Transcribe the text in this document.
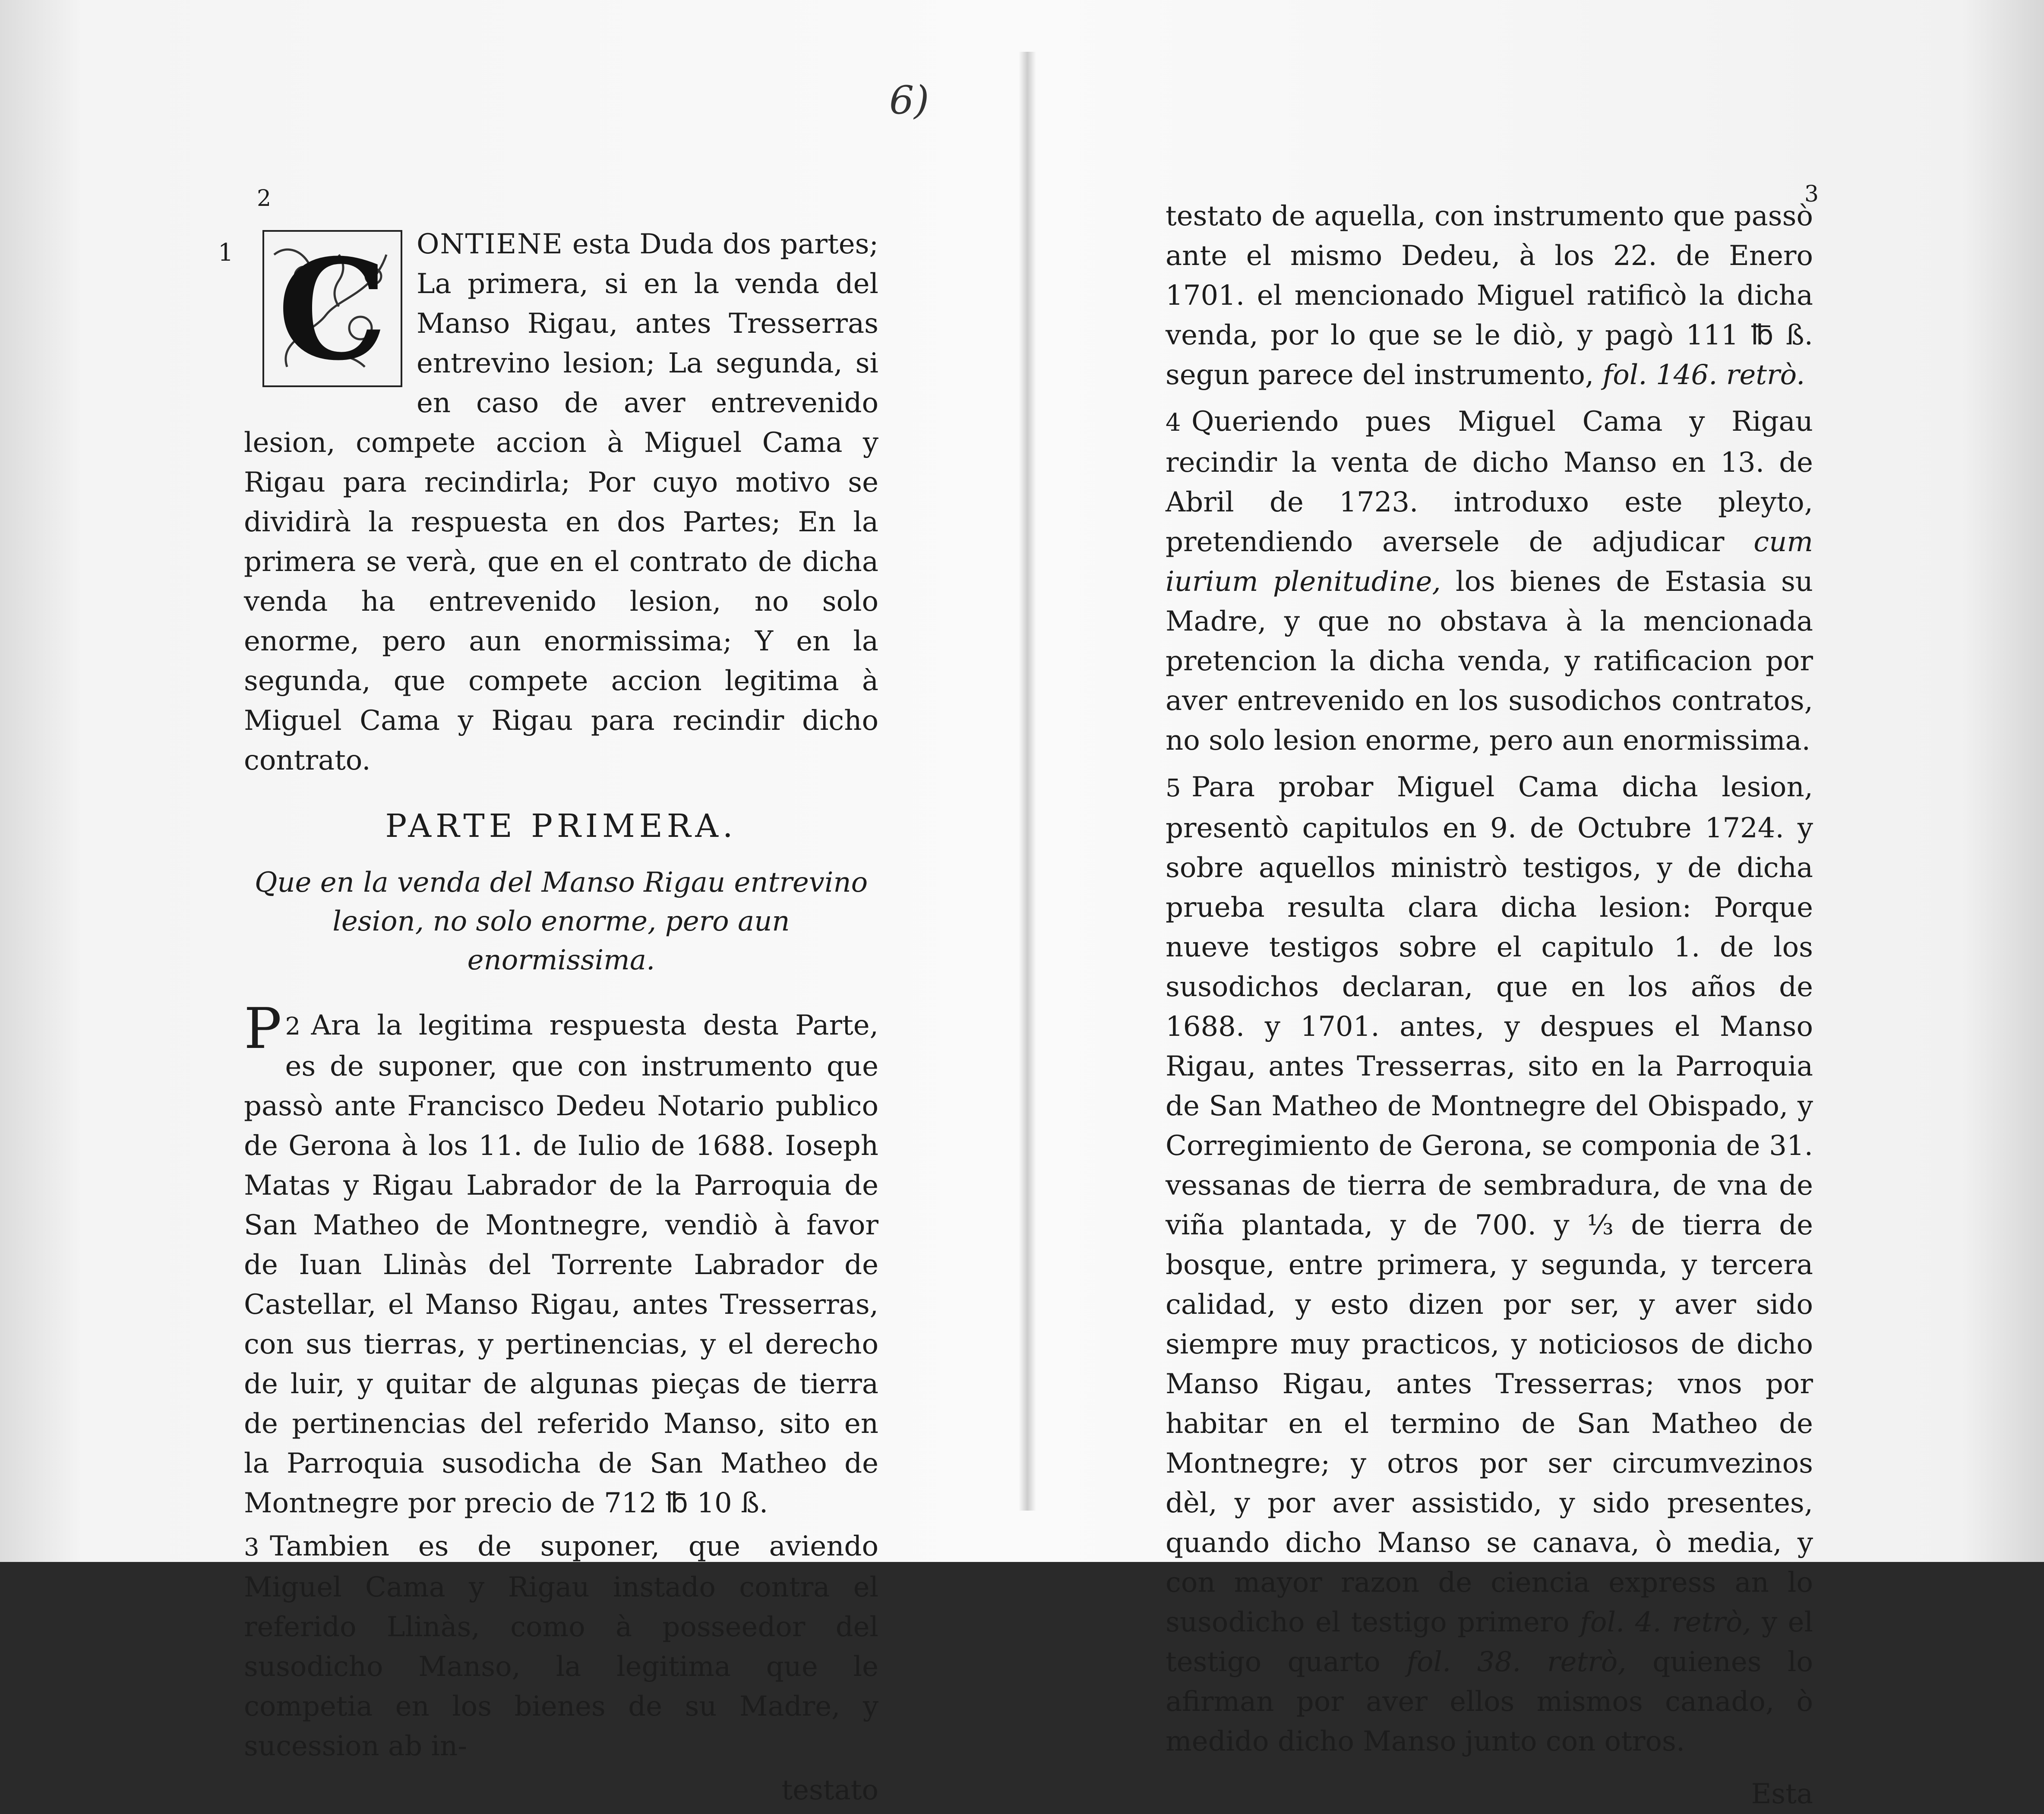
6)
2
1 C ONTIENE esta Duda dos partes; La primera, si en la venda del Manso Rigau, antes Tresserras entrevino lesion; La segunda, si en caso de aver entrevenido lesion, compete accion à Miguel Cama y Rigau para recindirla; Por cuyo motivo se dividirà la respuesta en dos Partes; En la primera se verà, que en el contrato de dicha venda ha entrevenido lesion, no solo enorme, pero aun enormissima; Y en la segunda, que compete accion legitima à Miguel Cama y Rigau para recindir dicho contrato.
PARTE PRIMERA.
Que en la venda del Manso Rigau entrevino lesion, no solo enorme, pero aun enormissima.
2
P Ara la legitima respuesta desta Parte, es de suponer, que con instrumento que passò ante Francisco Dedeu Notario publico de Gerona à los 11. de Iulio de 1688. Ioseph Matas y Rigau Labrador de la Parroquia de San Matheo de Montnegre, vendiò à favor de Iuan Llinàs del Torrente Labrador de Castellar, el Manso Rigau, antes Tresserras, con sus tierras, y pertinencias, y el derecho de luir, y quitar de algunas pieças de tierra de pertinencias del referido Manso, sito en la Parroquia susodicha de San Matheo de Montnegre por precio de 712 ℔ 10 ß.
3 Tambien es de suponer, que aviendo Miguel Cama y Rigau instado contra el referido Llinàs, como à posseedor del susodicho Manso, la legitima que le competia en los bienes de su Madre, y sucession ab in-
testato
3
testato de aquella, con instrumento que passò ante el mismo Dedeu, à los 22. de Enero 1701. el mencionado Miguel ratificò la dicha venda, por lo que se le diò, y pagò 111 ℔ ß. segun parece del instrumento, fol. 146. retrò.
4 Queriendo pues Miguel Cama y Rigau recindir la venta de dicho Manso en 13. de Abril de 1723. introduxo este pleyto, pretendiendo aversele de adjudicar cum iurium plenitudine, los bienes de Estasia su Madre, y que no obstava à la mencionada pretencion la dicha venda, y ratificacion por aver entrevenido en los susodichos contratos, no solo lesion enorme, pero aun enormissima.
5 Para probar Miguel Cama dicha lesion, presentò capitulos en 9. de Octubre 1724. y sobre aquellos ministrò testigos, y de dicha prueba resulta clara dicha lesion: Porque nueve testigos sobre el capitulo 1. de los susodichos declaran, que en los años de 1688. y 1701. antes, y despues el Manso Rigau, antes Tresserras, sito en la Parroquia de San Matheo de Montnegre del Obispado, y Corregimiento de Gerona, se componia de 31. vessanas de tierra de sembradura, de vna de viña plantada, y de 700. y ⅓ de tierra de bosque, entre primera, y segunda, y tercera calidad, y esto dizen por ser, y aver sido siempre muy practicos, y noticiosos de dicho Manso Rigau, antes Tresserras; vnos por habitar en el termino de San Matheo de Montnegre; y otros por ser circumvezinos dèl, y por aver assistido, y sido presentes, quando dicho Manso se canava, ò media, y con mayor razon de ciencia express an lo susodicho el testigo primero fol. 4. retrò, y el testigo quarto fol. 38. retrò, quienes lo afirman por aver ellos mismos canado, ò medido dicho Manso junto con otros.
Esta
